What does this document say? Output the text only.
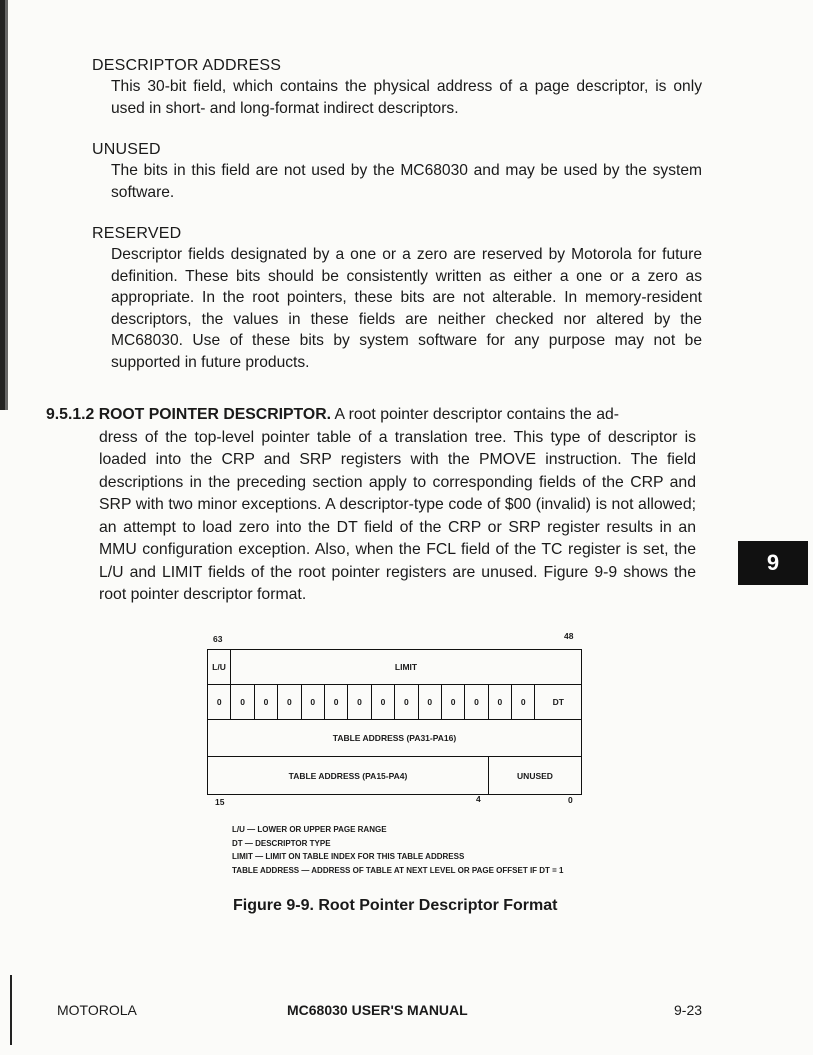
DESCRIPTOR ADDRESS
This 30-bit field, which contains the physical address of a page descriptor, is only used in short- and long-format indirect descriptors.
UNUSED
The bits in this field are not used by the MC68030 and may be used by the system software.
RESERVED
Descriptor fields designated by a one or a zero are reserved by Motorola for future definition. These bits should be consistently written as either a one or a zero as appropriate. In the root pointers, these bits are not alterable. In memory-resident descriptors, the values in these fields are neither checked nor altered by the MC68030. Use of these bits by system software for any purpose may not be supported in future products.
9.5.1.2 ROOT POINTER DESCRIPTOR. A root pointer descriptor contains the ad-
dress of the top-level pointer table of a translation tree. This type of descriptor is loaded into the CRP and SRP registers with the PMOVE instruction. The field descriptions in the preceding section apply to corresponding fields of the CRP and SRP with two minor exceptions. A descriptor-type code of $00 (invalid) is not allowed; an attempt to load zero into the DT field of the CRP or SRP register results in an MMU configuration exception. Also, when the FCL field of the TC register is set, the L/U and LIMIT fields of the root pointer registers are unused. Figure 9-9 shows the root pointer descriptor format.
9
63	48
L/U	LIMIT
0	0	0	0	0	0	0	0	0	0	0	0	0	0	DT
TABLE ADDRESS (PA31-PA16)
TABLE ADDRESS (PA15-PA4)	UNUSED
15	4	0
L/U — LOWER OR UPPER PAGE RANGE
DT — DESCRIPTOR TYPE
LIMIT — LIMIT ON TABLE INDEX FOR THIS TABLE ADDRESS
TABLE ADDRESS — ADDRESS OF TABLE AT NEXT LEVEL OR PAGE OFFSET IF DT = 1
Figure 9-9. Root Pointer Descriptor Format
MOTOROLA	MC68030 USER'S MANUAL	9-23
